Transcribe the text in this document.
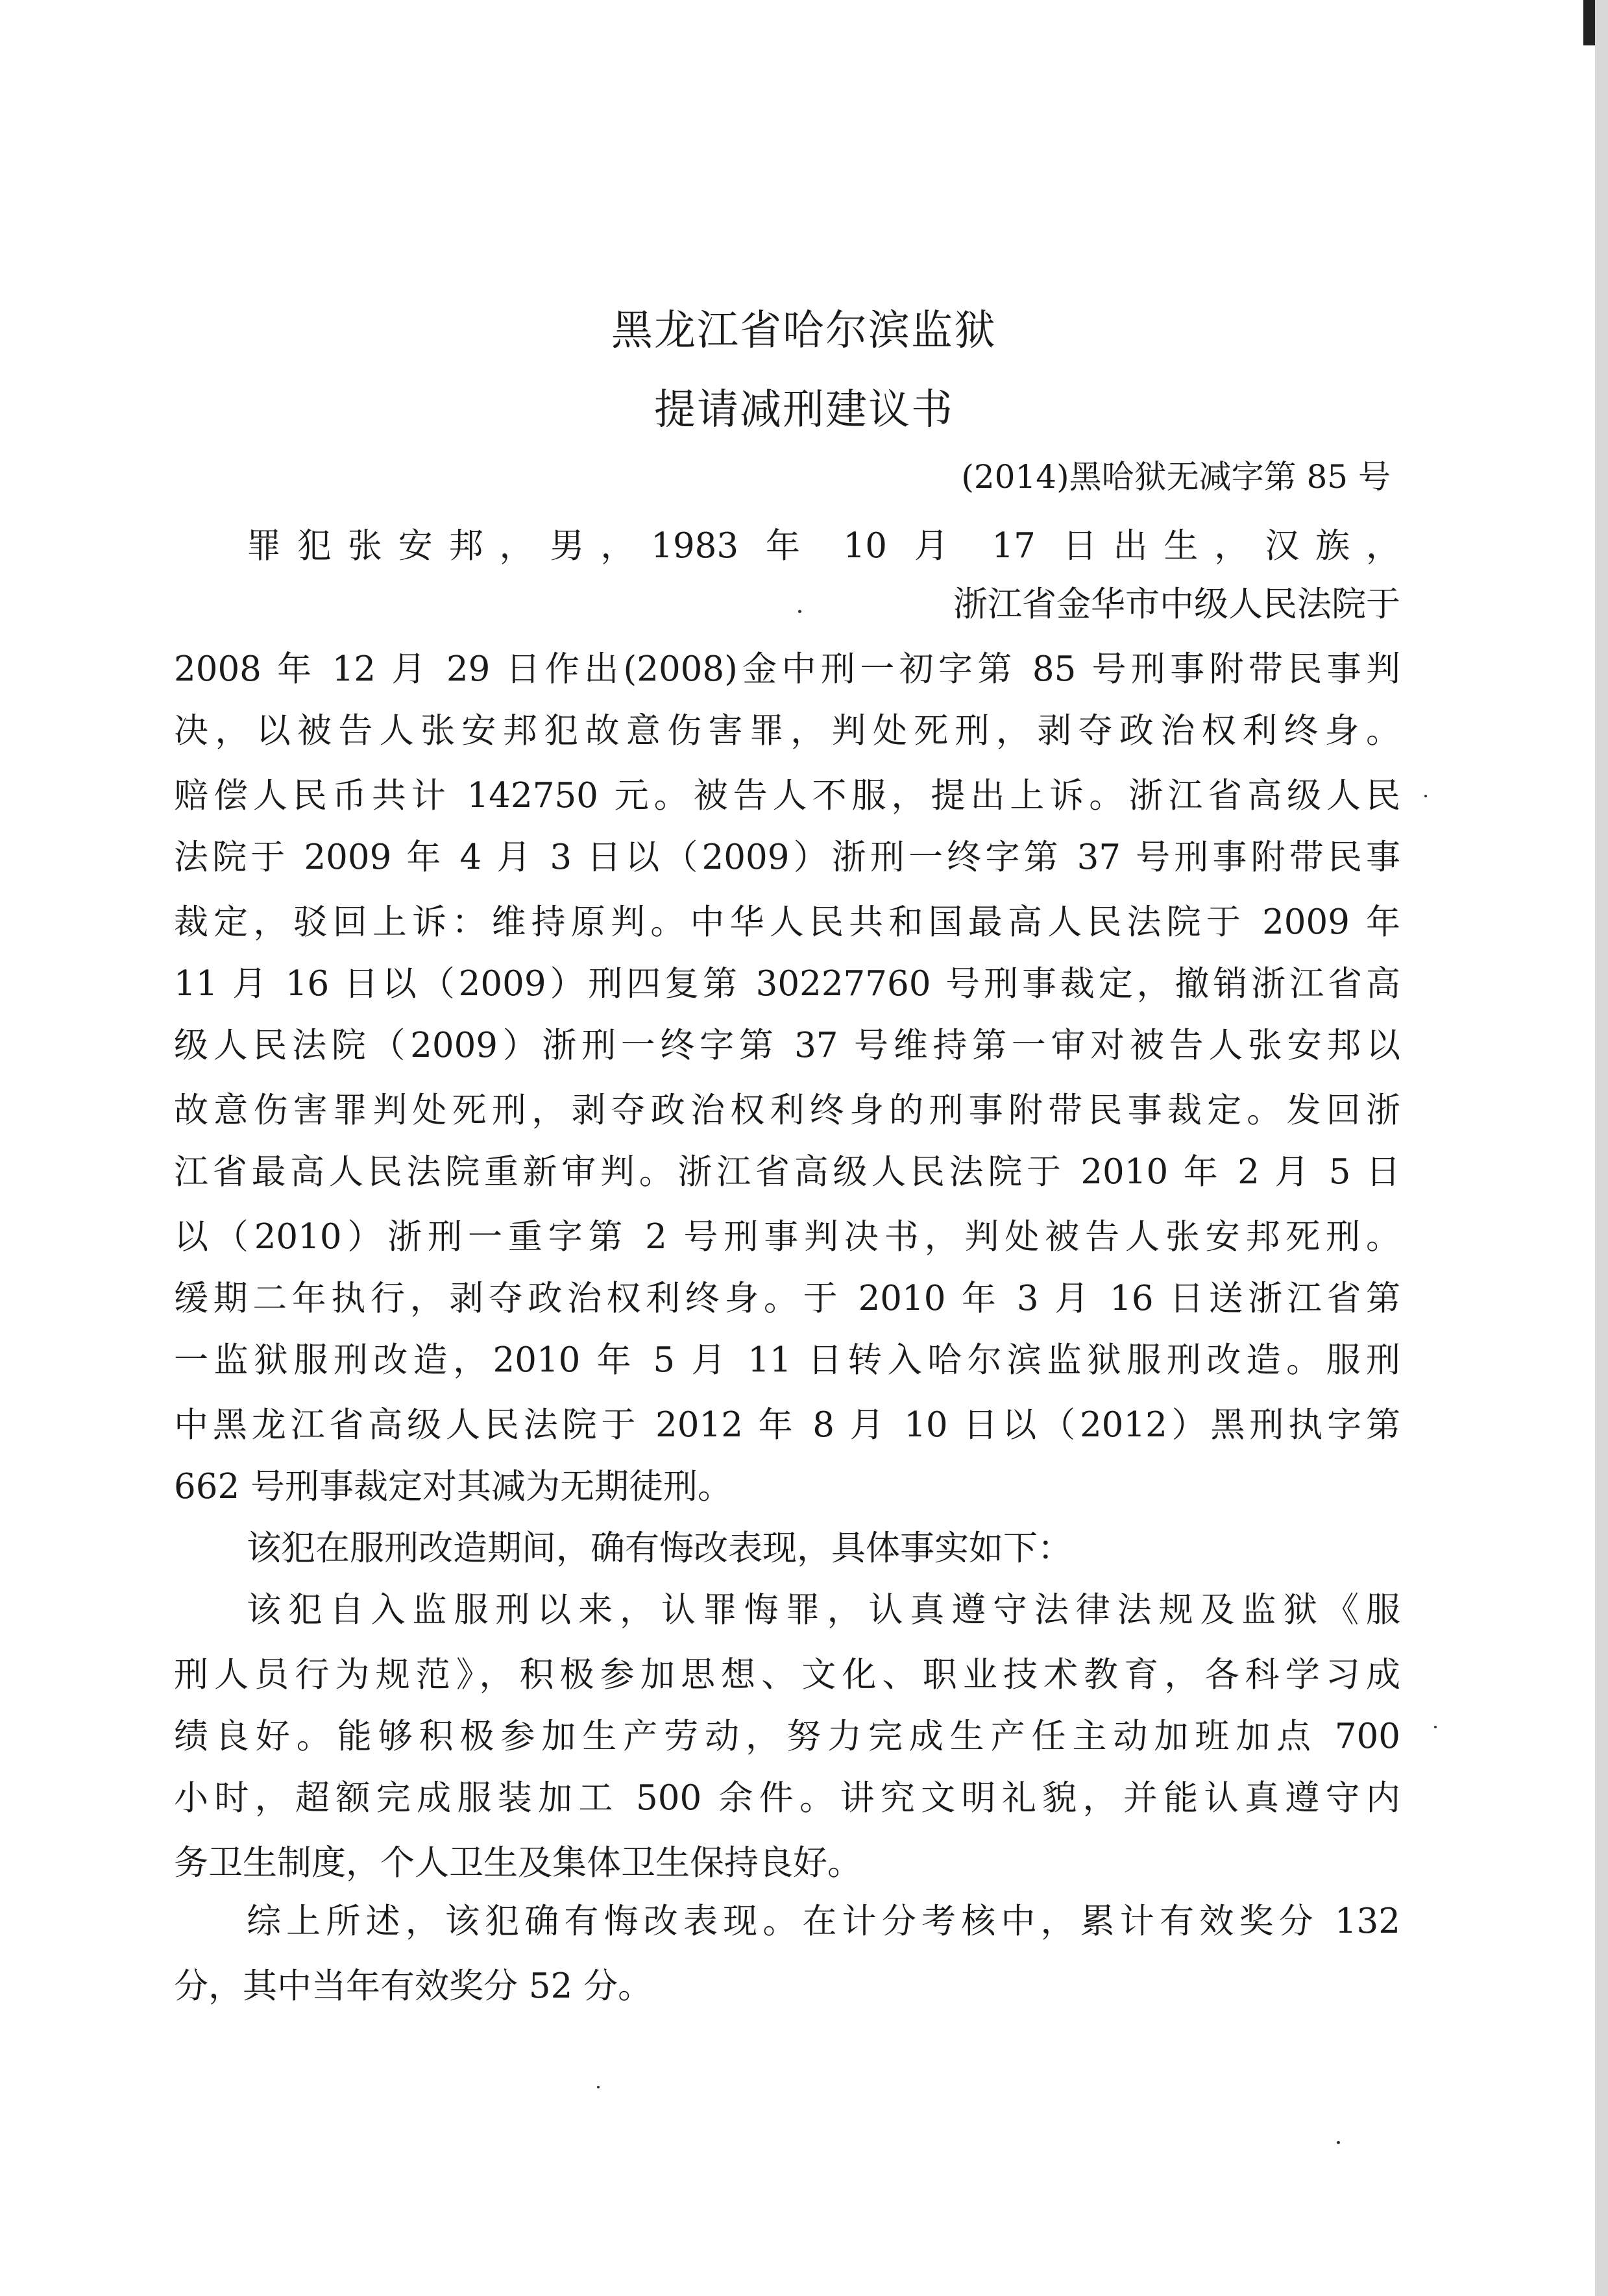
黑龙江省哈尔滨监狱
提请减刑建议书
(2014)黑哈狱无减字第 85 号
罪犯张安邦，男，1983 年 10 月 17 日出生，汉族，
浙江省金华市中级人民法院于
2008 年 12 月 29 日作出(2008)金中刑一初字第 85 号刑事附带民事判
决，以被告人张安邦犯故意伤害罪，判处死刑，剥夺政治权利终身。
赔偿人民币共计 142750 元。被告人不服，提出上诉。浙江省高级人民
法院于 2009 年 4 月 3 日以（2009）浙刑一终字第 37 号刑事附带民事
裁定，驳回上诉：维持原判。中华人民共和国最高人民法院于 2009 年
11 月 16 日以（2009）刑四复第 30227760 号刑事裁定，撤销浙江省高
级人民法院（2009）浙刑一终字第 37 号维持第一审对被告人张安邦以
故意伤害罪判处死刑，剥夺政治权利终身的刑事附带民事裁定。发回浙
江省最高人民法院重新审判。浙江省高级人民法院于 2010 年 2 月 5 日
以（2010）浙刑一重字第 2 号刑事判决书，判处被告人张安邦死刑。
缓期二年执行，剥夺政治权利终身。于 2010 年 3 月 16 日送浙江省第
一监狱服刑改造，2010 年 5 月 11 日转入哈尔滨监狱服刑改造。服刑
中黑龙江省高级人民法院于 2012 年 8 月 10 日以（2012）黑刑执字第
662 号刑事裁定对其减为无期徒刑。
该犯在服刑改造期间，确有悔改表现，具体事实如下：
该犯自入监服刑以来，认罪悔罪，认真遵守法律法规及监狱《服
刑人员行为规范》，积极参加思想、文化、职业技术教育，各科学习成
绩良好。能够积极参加生产劳动，努力完成生产任主动加班加点 700
小时，超额完成服装加工 500 余件。讲究文明礼貌，并能认真遵守内
务卫生制度，个人卫生及集体卫生保持良好。
综上所述，该犯确有悔改表现。在计分考核中，累计有效奖分 132
分，其中当年有效奖分 52 分。
